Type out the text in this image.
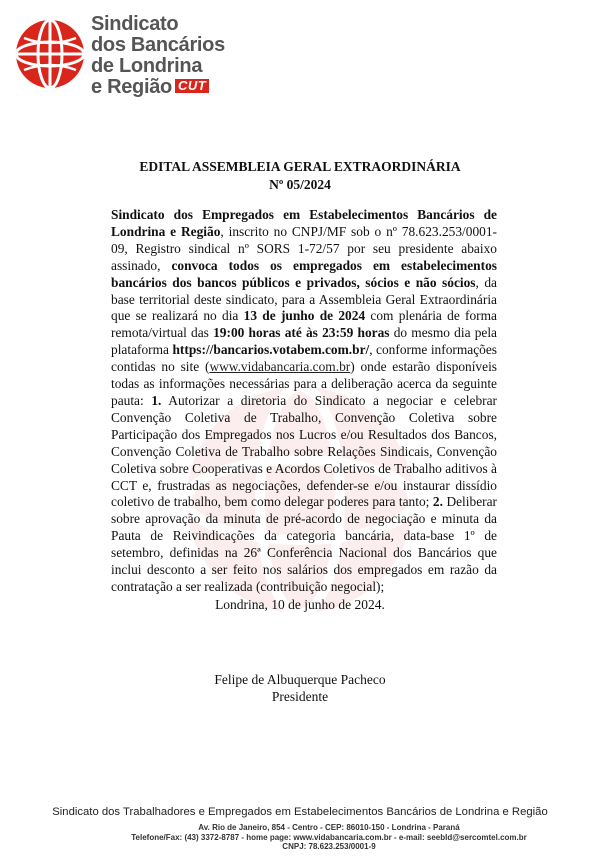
Sindicato
dos Bancários
de Londrina
e Região CUT
EDITAL ASSEMBLEIA GERAL EXTRAORDINÁRIA
Nº 05/2024
Sindicato dos Empregados em Estabelecimentos Bancários de Londrina e Região, inscrito no CNPJ/MF sob o nº 78.623.253/0001-09, Registro sindical nº SORS 1-72/57 por seu presidente abaixo assinado, convoca todos os empregados em estabelecimentos bancários dos bancos públicos e privados, sócios e não sócios, da base territorial deste sindicato, para a Assembleia Geral Extraordinária que se realizará no dia 13 de junho de 2024 com plenária de forma remota/virtual das 19:00 horas até às 23:59 horas do mesmo dia pela plataforma https://bancarios.votabem.com.br/, conforme informações contidas no site (www.vidabancaria.com.br) onde estarão disponíveis todas as informações necessárias para a deliberação acerca da seguinte pauta: 1. Autorizar a diretoria do Sindicato a negociar e celebrar Convenção Coletiva de Trabalho, Convenção Coletiva sobre Participação dos Empregados nos Lucros e/ou Resultados dos Bancos, Convenção Coletiva de Trabalho sobre Relações Sindicais, Convenção Coletiva sobre Cooperativas e Acordos Coletivos de Trabalho aditivos à CCT e, frustradas as negociações, defender-se e/ou instaurar dissídio coletivo de trabalho, bem como delegar poderes para tanto; 2. Deliberar sobre aprovação da minuta de pré-acordo de negociação e minuta da Pauta de Reivindicações da categoria bancária, data-base 1º de setembro, definidas na 26ª Conferência Nacional dos Bancários que inclui desconto a ser feito nos salários dos empregados em razão da contratação a ser realizada (contribuição negocial);
Londrina, 10 de junho de 2024.
Felipe de Albuquerque Pacheco
Presidente
Sindicato dos Trabalhadores e Empregados em Estabelecimentos Bancários de Londrina e Região
Av. Rio de Janeiro, 854 - Centro - CEP: 86010-150 - Londrina - Paraná
Telefone/Fax: (43) 3372-8787 - home page: www.vidabancaria.com.br - e-mail: seebld@sercomtel.com.br
CNPJ: 78.623.253/0001-9
